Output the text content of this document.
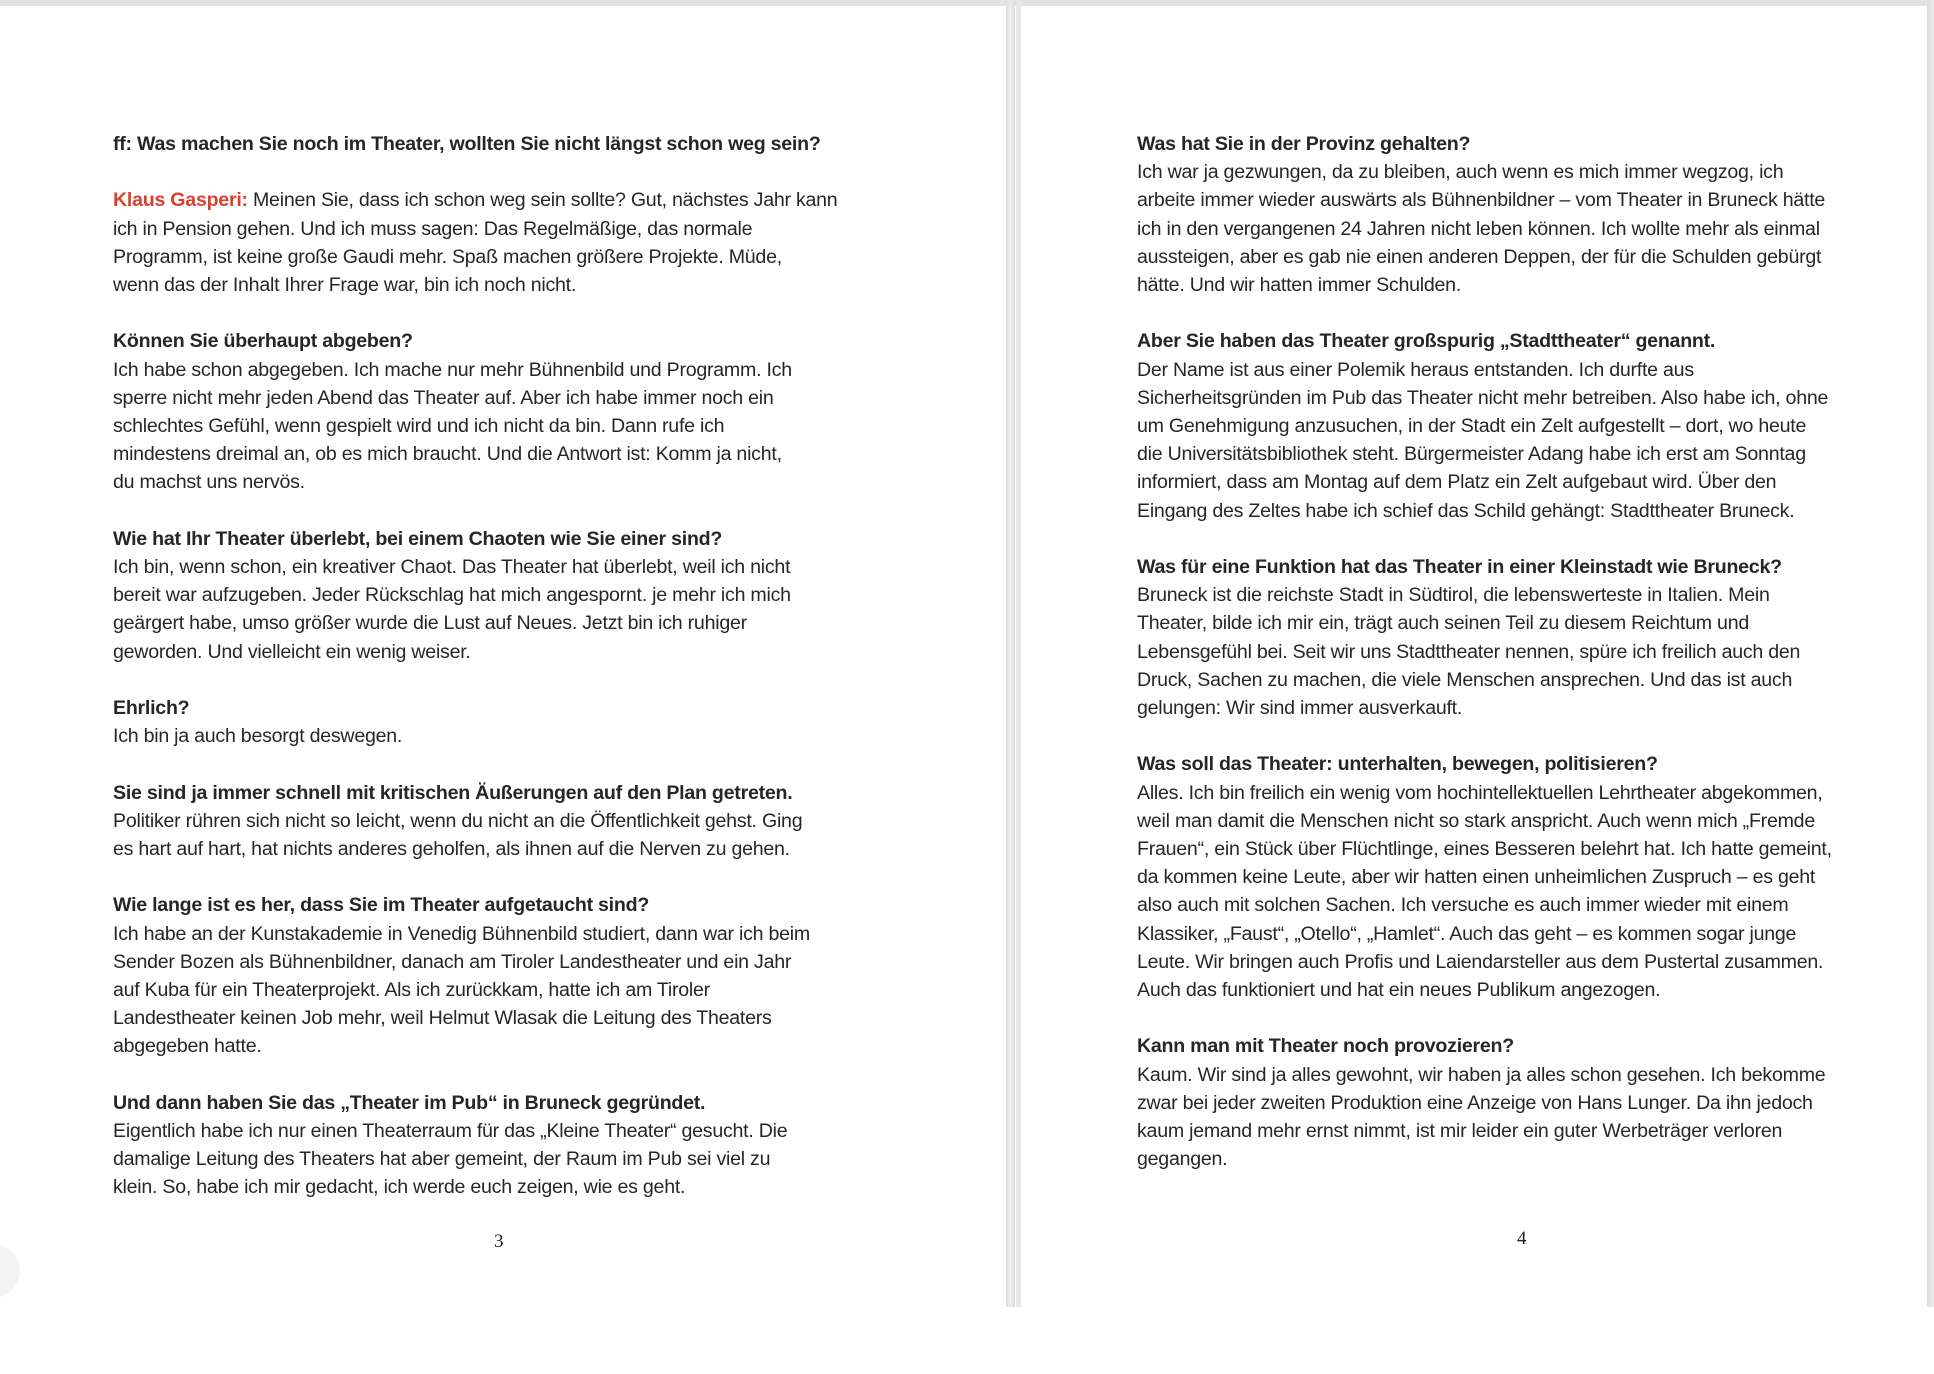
ff: Was machen Sie noch im Theater, wollten Sie nicht längst schon weg sein?
Klaus Gasperi: Meinen Sie, dass ich schon weg sein sollte? Gut, nächstes Jahr kann
ich in Pension gehen. Und ich muss sagen: Das Regelmäßige, das normale
Programm, ist keine große Gaudi mehr. Spaß machen größere Projekte. Müde,
wenn das der Inhalt Ihrer Frage war, bin ich noch nicht.
Können Sie überhaupt abgeben?
Ich habe schon abgegeben. Ich mache nur mehr Bühnenbild und Programm. Ich
sperre nicht mehr jeden Abend das Theater auf. Aber ich habe immer noch ein
schlechtes Gefühl, wenn gespielt wird und ich nicht da bin. Dann rufe ich
mindestens dreimal an, ob es mich braucht. Und die Antwort ist: Komm ja nicht,
du machst uns nervös.
Wie hat Ihr Theater überlebt, bei einem Chaoten wie Sie einer sind?
Ich bin, wenn schon, ein kreativer Chaot. Das Theater hat überlebt, weil ich nicht
bereit war aufzugeben. Jeder Rückschlag hat mich angespornt. je mehr ich mich
geärgert habe, umso größer wurde die Lust auf Neues. Jetzt bin ich ruhiger
geworden. Und vielleicht ein wenig weiser.
Ehrlich?
Ich bin ja auch besorgt deswegen.
Sie sind ja immer schnell mit kritischen Äußerungen auf den Plan getreten.
Politiker rühren sich nicht so leicht, wenn du nicht an die Öffentlichkeit gehst. Ging
es hart auf hart, hat nichts anderes geholfen, als ihnen auf die Nerven zu gehen.
Wie lange ist es her, dass Sie im Theater aufgetaucht sind?
Ich habe an der Kunstakademie in Venedig Bühnenbild studiert, dann war ich beim
Sender Bozen als Bühnenbildner, danach am Tiroler Landestheater und ein Jahr
auf Kuba für ein Theaterprojekt. Als ich zurückkam, hatte ich am Tiroler
Landestheater keinen Job mehr, weil Helmut Wlasak die Leitung des Theaters
abgegeben hatte.
Und dann haben Sie das „Theater im Pub“ in Bruneck gegründet.
Eigentlich habe ich nur einen Theaterraum für das „Kleine Theater“ gesucht. Die
damalige Leitung des Theaters hat aber gemeint, der Raum im Pub sei viel zu
klein. So, habe ich mir gedacht, ich werde euch zeigen, wie es geht.
3
Was hat Sie in der Provinz gehalten?
Ich war ja gezwungen, da zu bleiben, auch wenn es mich immer wegzog, ich
arbeite immer wieder auswärts als Bühnenbildner – vom Theater in Bruneck hätte
ich in den vergangenen 24 Jahren nicht leben können. Ich wollte mehr als einmal
aussteigen, aber es gab nie einen anderen Deppen, der für die Schulden gebürgt
hätte. Und wir hatten immer Schulden.
Aber Sie haben das Theater großspurig „Stadttheater“ genannt.
Der Name ist aus einer Polemik heraus entstanden. Ich durfte aus
Sicherheitsgründen im Pub das Theater nicht mehr betreiben. Also habe ich, ohne
um Genehmigung anzusuchen, in der Stadt ein Zelt aufgestellt – dort, wo heute
die Universitätsbibliothek steht. Bürgermeister Adang habe ich erst am Sonntag
informiert, dass am Montag auf dem Platz ein Zelt aufgebaut wird. Über den
Eingang des Zeltes habe ich schief das Schild gehängt: Stadttheater Bruneck.
Was für eine Funktion hat das Theater in einer Kleinstadt wie Bruneck?
Bruneck ist die reichste Stadt in Südtirol, die lebenswerteste in Italien. Mein
Theater, bilde ich mir ein, trägt auch seinen Teil zu diesem Reichtum und
Lebensgefühl bei. Seit wir uns Stadttheater nennen, spüre ich freilich auch den
Druck, Sachen zu machen, die viele Menschen ansprechen. Und das ist auch
gelungen: Wir sind immer ausverkauft.
Was soll das Theater: unterhalten, bewegen, politisieren?
Alles. Ich bin freilich ein wenig vom hochintellektuellen Lehrtheater abgekommen,
weil man damit die Menschen nicht so stark anspricht. Auch wenn mich „Fremde
Frauen“, ein Stück über Flüchtlinge, eines Besseren belehrt hat. Ich hatte gemeint,
da kommen keine Leute, aber wir hatten einen unheimlichen Zuspruch – es geht
also auch mit solchen Sachen. Ich versuche es auch immer wieder mit einem
Klassiker, „Faust“, „Otello“, „Hamlet“. Auch das geht – es kommen sogar junge
Leute. Wir bringen auch Profis und Laiendarsteller aus dem Pustertal zusammen.
Auch das funktioniert und hat ein neues Publikum angezogen.
Kann man mit Theater noch provozieren?
Kaum. Wir sind ja alles gewohnt, wir haben ja alles schon gesehen. Ich bekomme
zwar bei jeder zweiten Produktion eine Anzeige von Hans Lunger. Da ihn jedoch
kaum jemand mehr ernst nimmt, ist mir leider ein guter Werbeträger verloren
gegangen.
4
